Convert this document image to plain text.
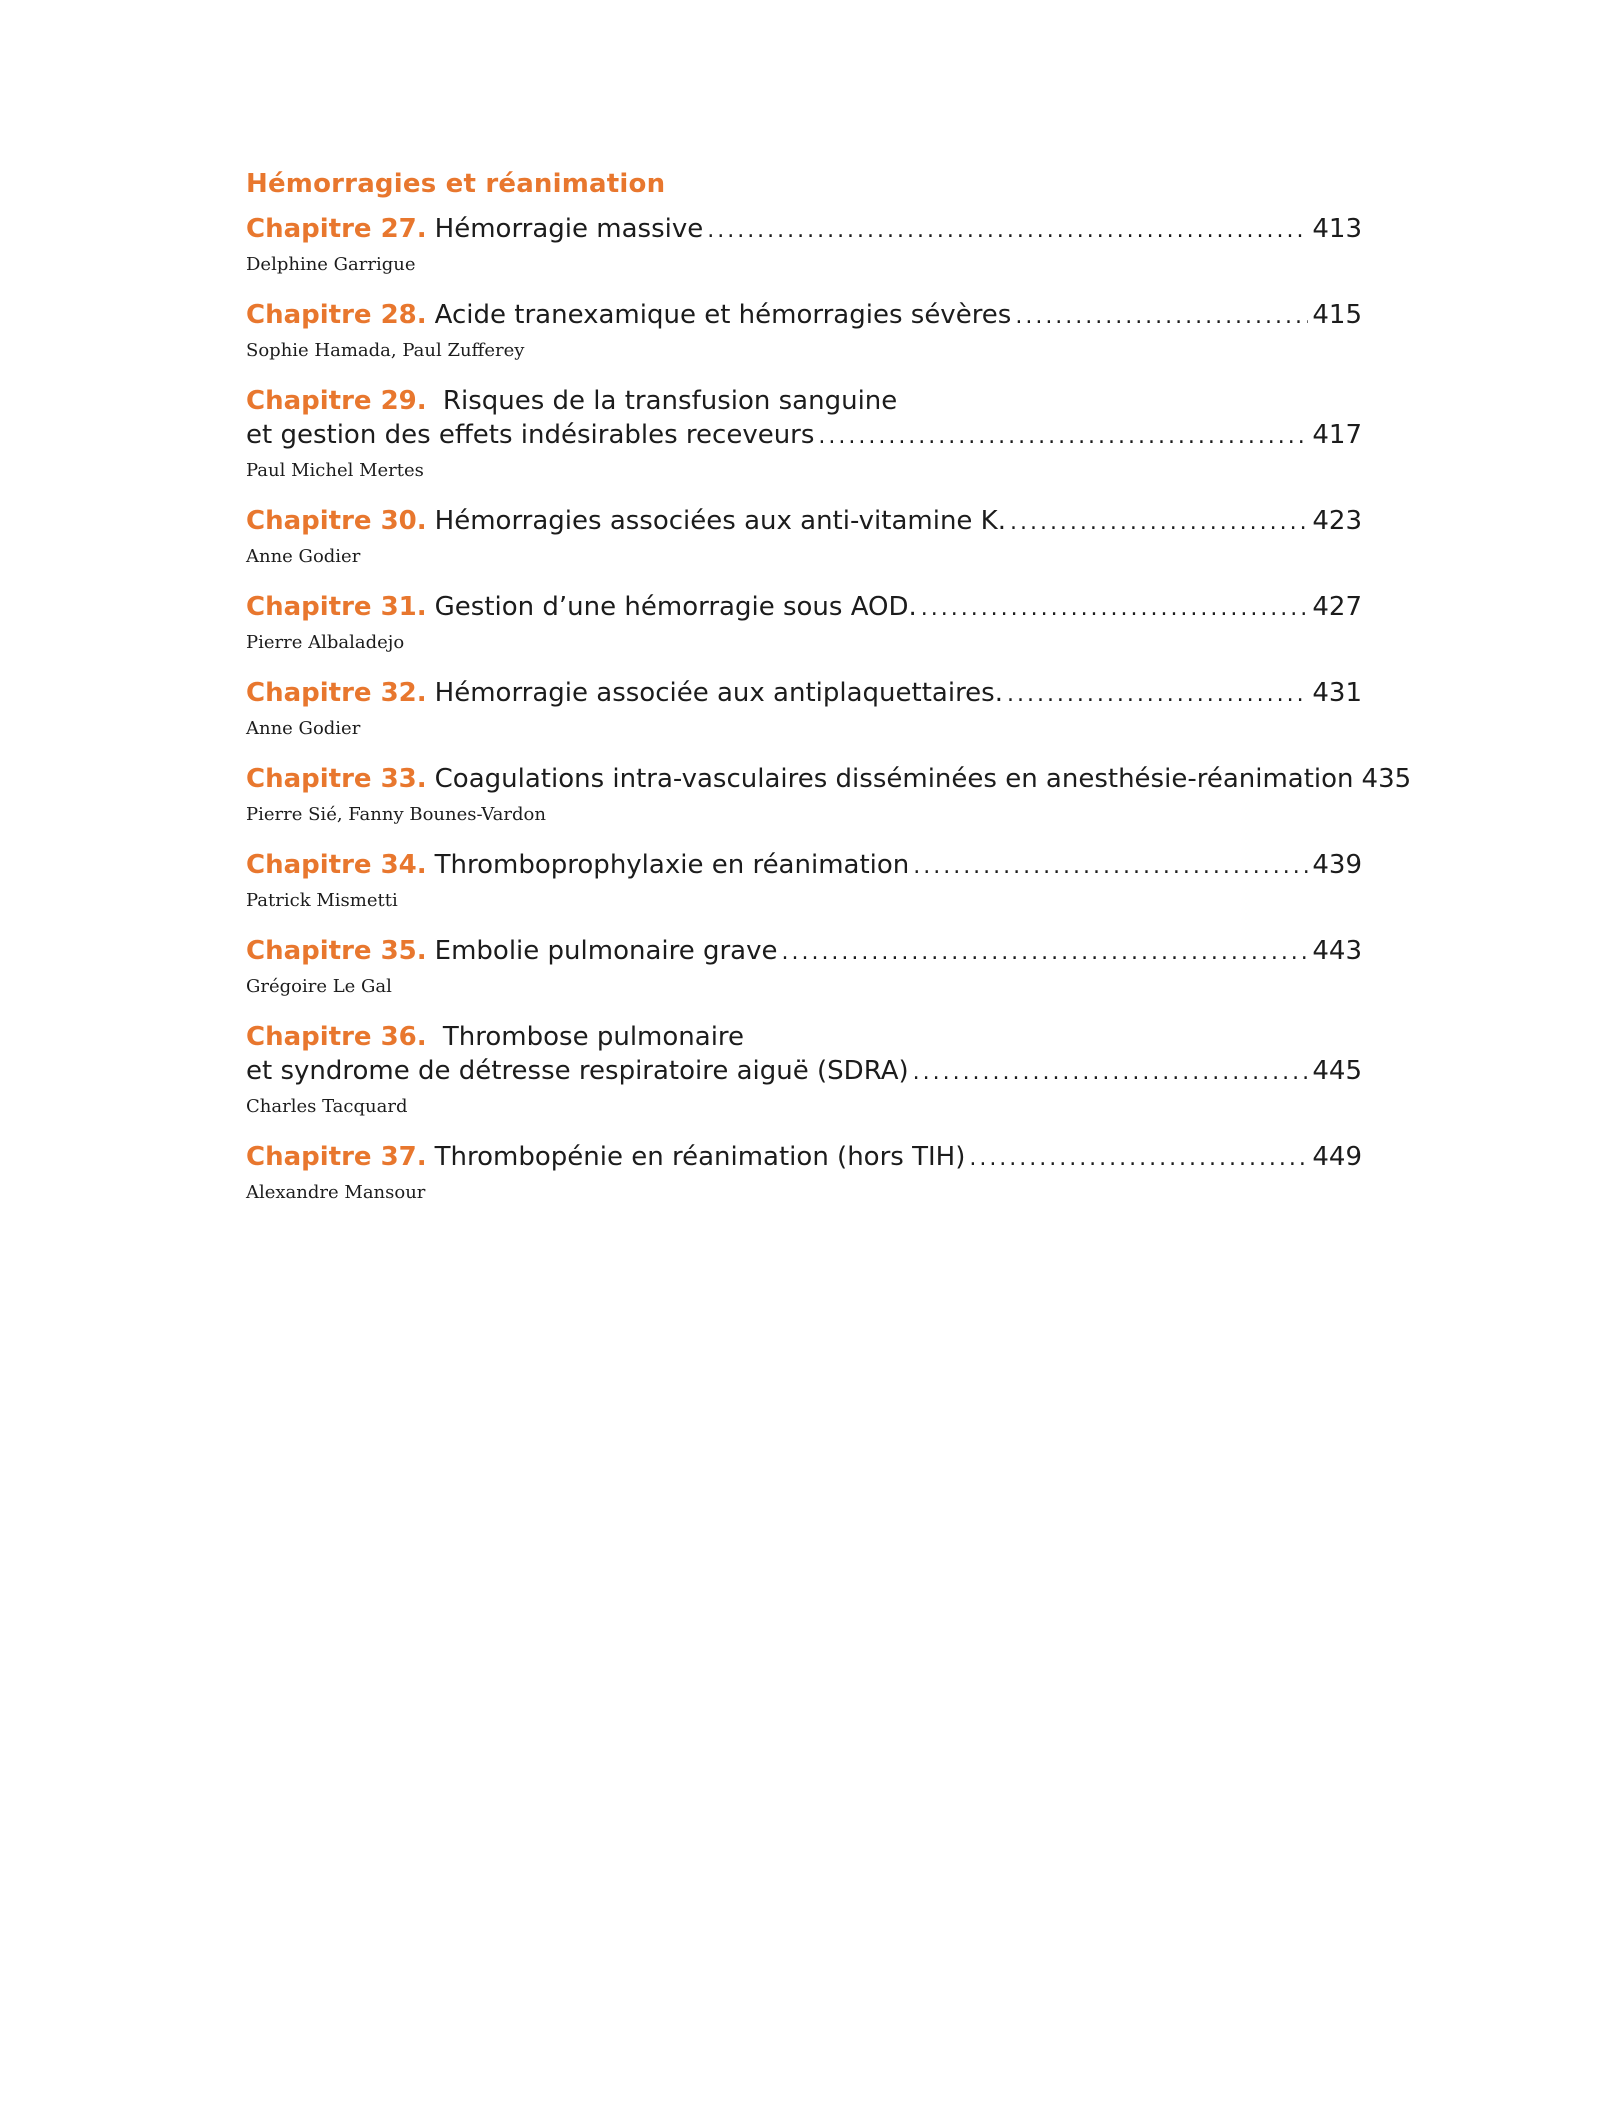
Hémorragies et réanimation
Chapitre 27. Hémorragie massive . . .	413
Delphine Garrigue
Chapitre 28. Acide tranexamique et hémorragies sévères . . .	415
Sophie Hamada, Paul Zufferey
Chapitre 29. Risques de la transfusion sanguine
et gestion des effets indésirables receveurs . . .	417
Paul Michel Mertes
Chapitre 30. Hémorragies associées aux anti-vitamine K. . . .	423
Anne Godier
Chapitre 31. Gestion d’une hémorragie sous AOD. . . .	427
Pierre Albaladejo
Chapitre 32. Hémorragie associée aux antiplaquettaires. . . .	431
Anne Godier
Chapitre 33. Coagulations intra-vasculaires disséminées en anesthésie-réanimation 435
Pierre Sié, Fanny Bounes-Vardon
Chapitre 34. Thromboprophylaxie en réanimation . . .	439
Patrick Mismetti
Chapitre 35. Embolie pulmonaire grave . . .	443
Grégoire Le Gal
Chapitre 36. Thrombose pulmonaire
et syndrome de détresse respiratoire aiguë (SDRA) . . .	445
Charles Tacquard
Chapitre 37. Thrombopénie en réanimation (hors TIH) . . .	449
Alexandre Mansour
